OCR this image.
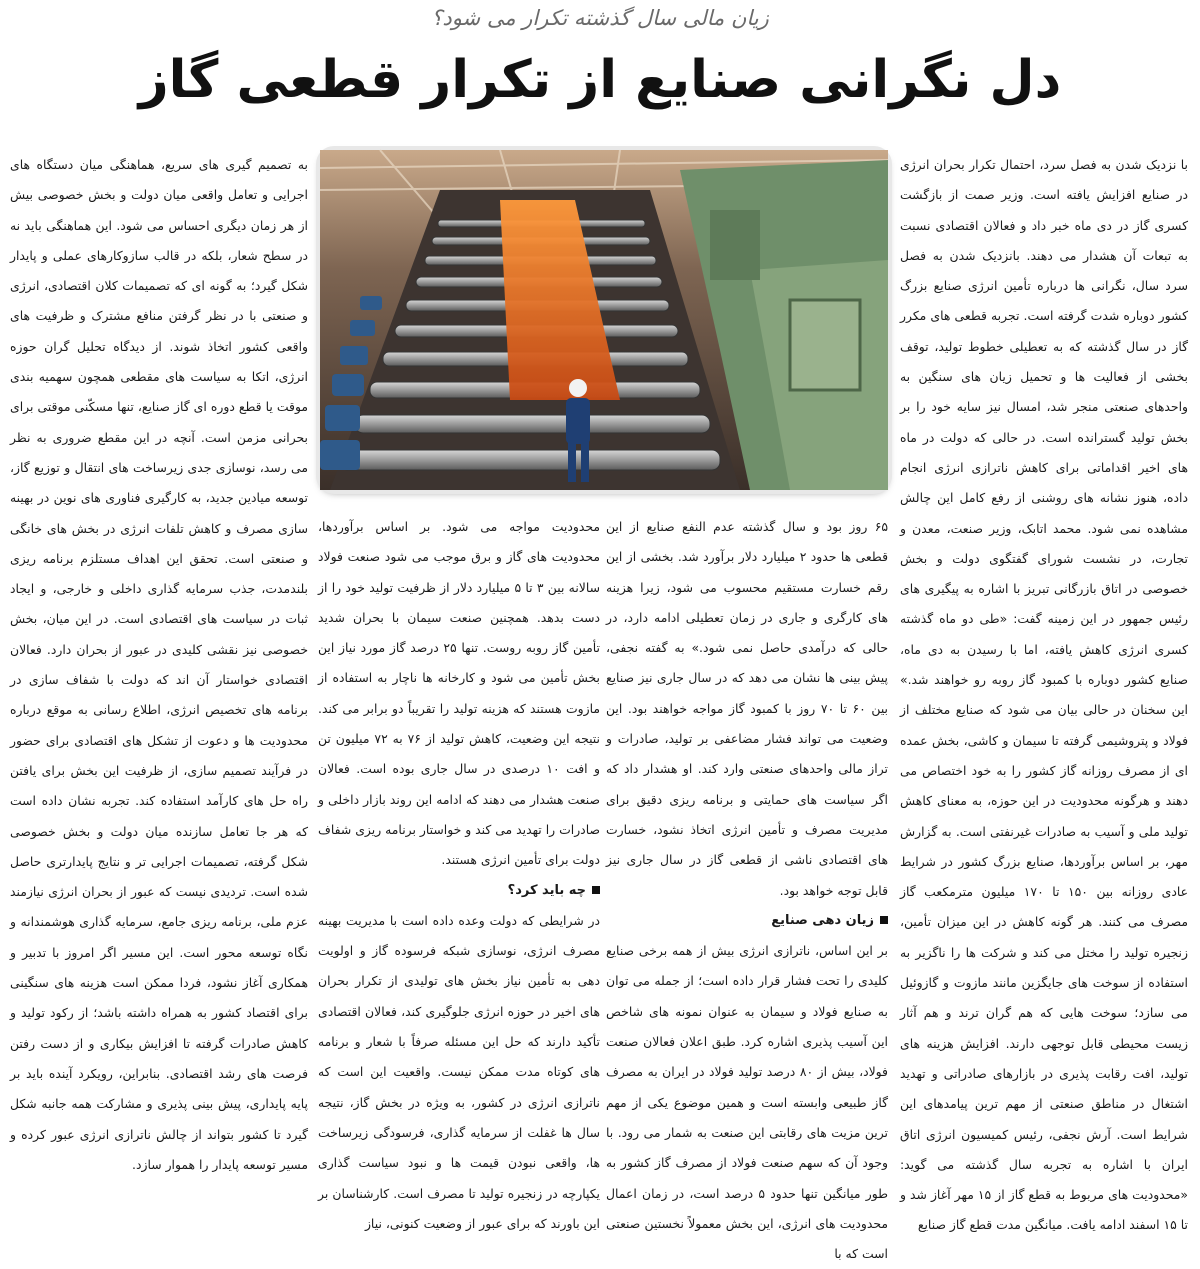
زیان مالی سال گذشته تکرار می شود؟
دل نگرانی صنایع از تکرار قطعی گاز

با نزدیک شدن به فصل سرد، احتمال تکرار بحران انرژی در صنایع افزایش یافته است. وزیر صمت از بازگشت کسری گاز در دی ماه خبر داد و فعالان اقتصادی نسبت به تبعات آن هشدار می دهند. بانزدیک شدن به فصل سرد سال، نگرانی ها درباره تأمین انرژی صنایع بزرگ کشور دوباره شدت گرفته است. تجربه قطعی های مکرر گاز در سال گذشته که به تعطیلی خطوط تولید، توقف بخشی از فعالیت ها و تحمیل زیان های سنگین به واحدهای صنعتی منجر شد، امسال نیز سایه خود را بر بخش تولید گسترانده است. در حالی که دولت در ماه های اخیر اقداماتی برای کاهش ناترازی انرژی انجام داده، هنوز نشانه های روشنی از رفع کامل این چالش مشاهده نمی شود. محمد اتابک، وزیر صنعت، معدن و تجارت، در نشست شورای گفتگوی دولت و بخش خصوصی در اتاق بازرگانی تبریز با اشاره به پیگیری های رئیس جمهور در این زمینه گفت: «طی دو ماه گذشته کسری انرژی کاهش یافته، اما با رسیدن به دی ماه، صنایع کشور دوباره با کمبود گاز روبه رو خواهند شد.» این سخنان در حالی بیان می شود که صنایع مختلف از فولاد و پتروشیمی گرفته تا سیمان و کاشی، بخش عمده ای از مصرف روزانه گاز کشور را به خود اختصاص می دهند و هرگونه محدودیت در این حوزه، به معنای کاهش تولید ملی و آسیب به صادرات غیرنفتی است. به گزارش مهر، بر اساس برآوردها، صنایع بزرگ کشور در شرایط عادی روزانه بین ۱۵۰ تا ۱۷۰ میلیون مترمکعب گاز مصرف می کنند. هر گونه کاهش در این میزان تأمین، زنجیره تولید را مختل می کند و شرکت ها را ناگزیر به استفاده از سوخت های جایگزین مانند مازوت و گازوئیل می سازد؛ سوخت هایی که هم گران ترند و هم آثار زیست محیطی قابل توجهی دارند. افزایش هزینه های تولید، افت رقابت پذیری در بازارهای صادراتی و تهدید اشتغال در مناطق صنعتی از مهم ترین پیامدهای این شرایط است. آرش نجفی، رئیس کمیسیون انرژی اتاق ایران با اشاره به تجربه سال گذشته می گوید: «محدودیت های مربوط به قطع گاز از ۱۵ مهر آغاز شد و تا ۱۵ اسفند ادامه یافت. میانگین مدت قطع گاز صنایع

۶۵ روز بود و سال گذشته عدم النفع صنایع از این قطعی ها حدود ۲ میلیارد دلار برآورد شد. بخشی از این رقم خسارت مستقیم محسوب می شود، زیرا هزینه های کارگری و جاری در زمان تعطیلی ادامه دارد، در حالی که درآمدی حاصل نمی شود.» به گفته نجفی، پیش بینی ها نشان می دهد که در سال جاری نیز صنایع بین ۶۰ تا ۷۰ روز با کمبود گاز مواجه خواهند بود. این وضعیت می تواند فشار مضاعفی بر تولید، صادرات و تراز مالی واحدهای صنعتی وارد کند. او هشدار داد که اگر سیاست های حمایتی و برنامه ریزی دقیق برای مدیریت مصرف و تأمین انرژی اتخاذ نشود، خسارت های اقتصادی ناشی از قطعی گاز در سال جاری نیز قابل توجه خواهد بود.

زیان دهی صنایع

بر این اساس، ناترازی انرژی بیش از همه برخی صنایع کلیدی را تحت فشار قرار داده است؛ از جمله می توان به صنایع فولاد و سیمان به عنوان نمونه های شاخص این آسیب پذیری اشاره کرد. طبق اعلان فعالان صنعت فولاد، بیش از ۸۰ درصد تولید فولاد در ایران به مصرف گاز طبیعی وابسته است و همین موضوع یکی از مهم ترین مزیت های رقابتی این صنعت به شمار می رود. با وجود آن که سهم صنعت فولاد از مصرف گاز کشور به طور میانگین تنها حدود ۵ درصد است، در زمان اعمال محدودیت های انرژی، این بخش معمولاً نخستین صنعتی است که با

محدودیت مواجه می شود. بر اساس برآوردها، محدودیت های گاز و برق موجب می شود صنعت فولاد سالانه بین ۳ تا ۵ میلیارد دلار از ظرفیت تولید خود را از دست بدهد. همچنین صنعت سیمان با بحران شدید تأمین گاز روبه روست. تنها ۲۵ درصد گاز مورد نیاز این بخش تأمین می شود و کارخانه ها ناچار به استفاده از مازوت هستند که هزینه تولید را تقریباً دو برابر می کند. نتیجه این وضعیت، کاهش تولید از ۷۶ به ۷۲ میلیون تن و افت ۱۰ درصدی در سال جاری بوده است. فعالان صنعت هشدار می دهند که ادامه این روند بازار داخلی و صادرات را تهدید می کند و خواستار برنامه ریزی شفاف دولت برای تأمین انرژی هستند.

چه باید کرد؟

در شرایطی که دولت وعده داده است با مدیریت بهینه مصرف انرژی، نوسازی شبکه فرسوده گاز و اولویت دهی به تأمین نیاز بخش های تولیدی از تکرار بحران های اخیر در حوزه انرژی جلوگیری کند، فعالان اقتصادی تأکید دارند که حل این مسئله صرفاً با شعار و برنامه های کوتاه مدت ممکن نیست. واقعیت این است که ناترازی انرژی در کشور، به ویژه در بخش گاز، نتیجه سال ها غفلت از سرمایه گذاری، فرسودگی زیرساخت ها، واقعی نبودن قیمت ها و نبود سیاست گذاری یکپارچه در زنجیره تولید تا مصرف است. کارشناسان بر این باورند که برای عبور از وضعیت کنونی، نیاز

به تصمیم گیری های سریع، هماهنگی میان دستگاه های اجرایی و تعامل واقعی میان دولت و بخش خصوصی بیش از هر زمان دیگری احساس می شود. این هماهنگی باید نه در سطح شعار، بلکه در قالب سازوکارهای عملی و پایدار شکل گیرد؛ به گونه ای که تصمیمات کلان اقتصادی، انرژی و صنعتی با در نظر گرفتن منافع مشترک و ظرفیت های واقعی کشور اتخاذ شوند. از دیدگاه تحلیل گران حوزه انرژی، اتکا به سیاست های مقطعی همچون سهمیه بندی موقت یا قطع دوره ای گاز صنایع، تنها مسکّنی موقتی برای بحرانی مزمن است. آنچه در این مقطع ضروری به نظر می رسد، نوسازی جدی زیرساخت های انتقال و توزیع گاز، توسعه میادین جدید، به کارگیری فناوری های نوین در بهینه سازی مصرف و کاهش تلفات انرژی در بخش های خانگی و صنعتی است. تحقق این اهداف مستلزم برنامه ریزی بلندمدت، جذب سرمایه گذاری داخلی و خارجی، و ایجاد ثبات در سیاست های اقتصادی است. در این میان، بخش خصوصی نیز نقشی کلیدی در عبور از بحران دارد. فعالان اقتصادی خواستار آن اند که دولت با شفاف سازی در برنامه های تخصیص انرژی، اطلاع رسانی به موقع درباره محدودیت ها و دعوت از تشکل های اقتصادی برای حضور در فرآیند تصمیم سازی، از ظرفیت این بخش برای یافتن راه حل های کارآمد استفاده کند. تجربه نشان داده است که هر جا تعامل سازنده میان دولت و بخش خصوصی شکل گرفته، تصمیمات اجرایی تر و نتایج پایدارتری حاصل شده است. تردیدی نیست که عبور از بحران انرژی نیازمند عزم ملی، برنامه ریزی جامع، سرمایه گذاری هوشمندانه و نگاه توسعه محور است. این مسیر اگر امروز با تدبیر و همکاری آغاز نشود، فردا ممکن است هزینه های سنگینی برای اقتصاد کشور به همراه داشته باشد؛ از رکود تولید و کاهش صادرات گرفته تا افزایش بیکاری و از دست رفتن فرصت های رشد اقتصادی. بنابراین، رویکرد آینده باید بر پایه پایداری، پیش بینی پذیری و مشارکت همه جانبه شکل گیرد تا کشور بتواند از چالش ناترازی انرژی عبور کرده و مسیر توسعه پایدار را هموار سازد.
